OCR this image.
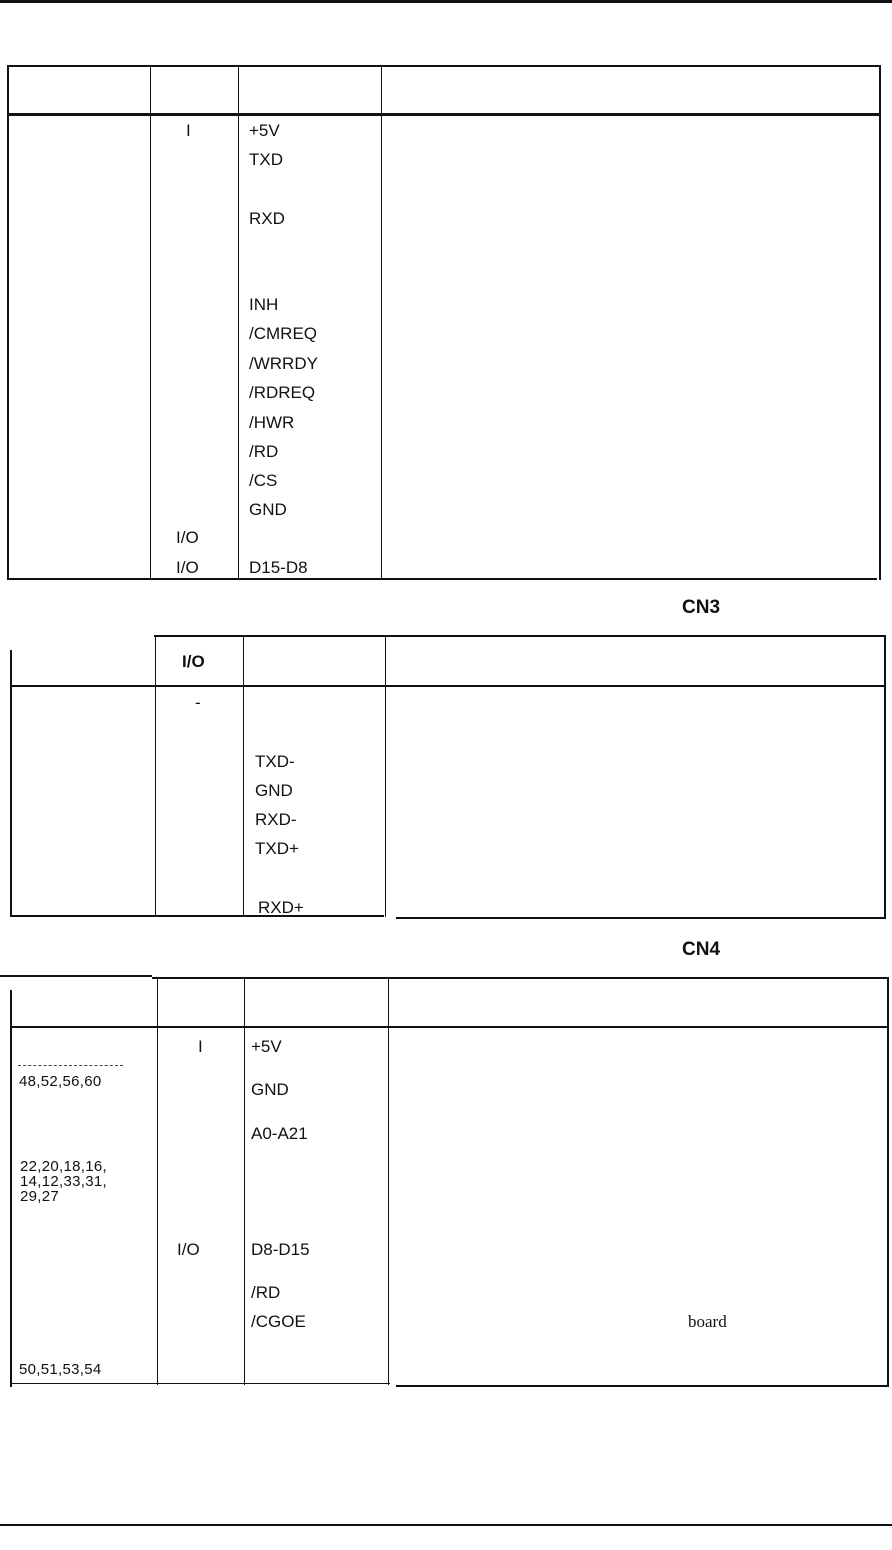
I
I/O
I/O
+5V
TXD
RXD
INH
/CMREQ
/WRRDY
/RDREQ
/HWR
/RD
/CS
GND
D15-D8
CN3
I/O
-
TXD-
GND
RXD-
TXD+
RXD+
CN4
48,52,56,60
22,20,18,16,
14,12,33,31,
29,27
50,51,53,54
I
I/O
+5V
GND
A0-A21
D8-D15
/RD
/CGOE	board
